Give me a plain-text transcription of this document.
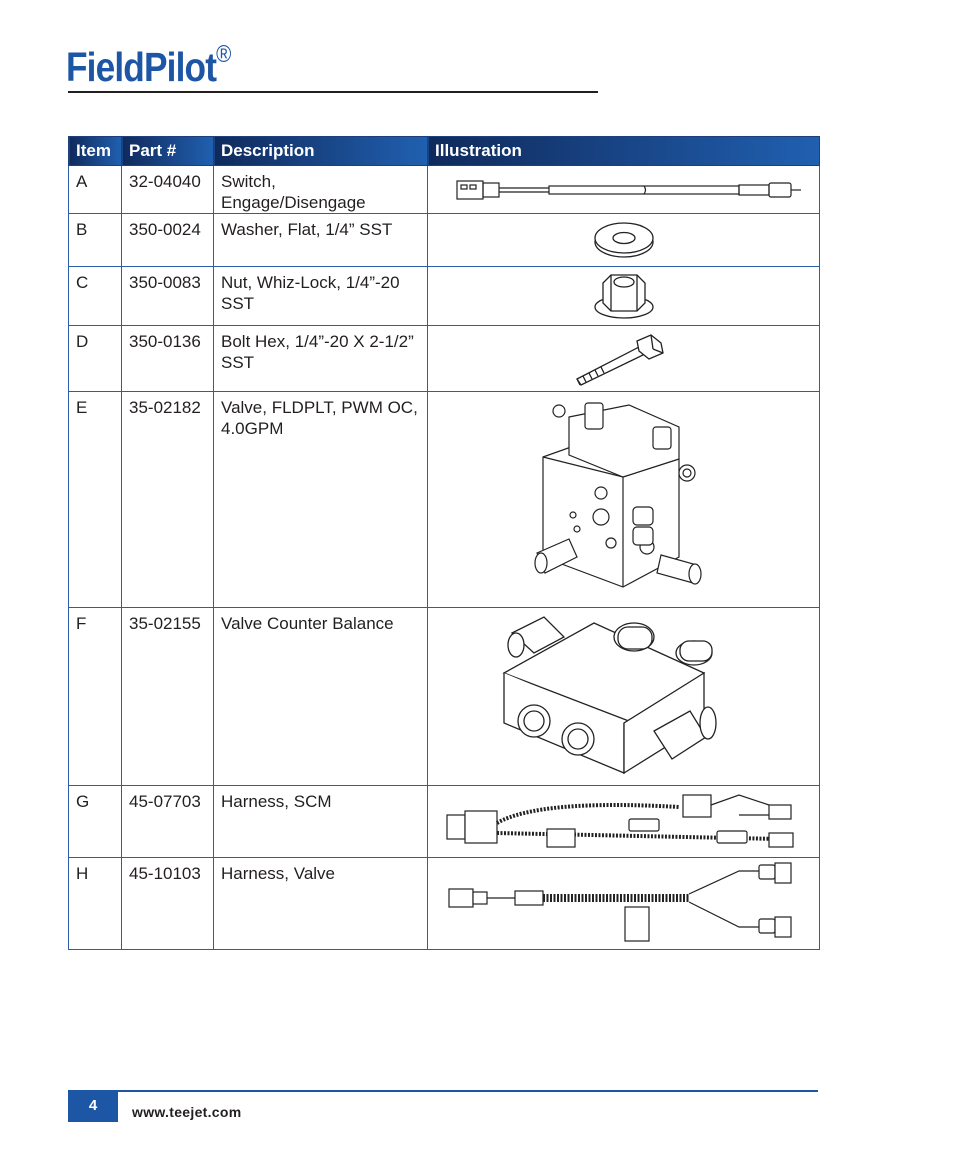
FieldPilot®
Item	Part #	Description	Illustration
A	32-04040	Switch, Engage/Disengage	

B	350-0024	Washer, Flat, 1/4” SST	

C	350-0083	Nut, Whiz-Lock, 1/4”-20 SST	

D	350-0136	Bolt Hex, 1/4”-20 X 2-1/2” SST	

E	35-02182	Valve, FLDPLT, PWM OC, 4.0GPM	

F	35-02155	Valve Counter Balance	

G	45-07703	Harness, SCM	

H	45-10103	Harness, Valve	
4	www.teejet.com
